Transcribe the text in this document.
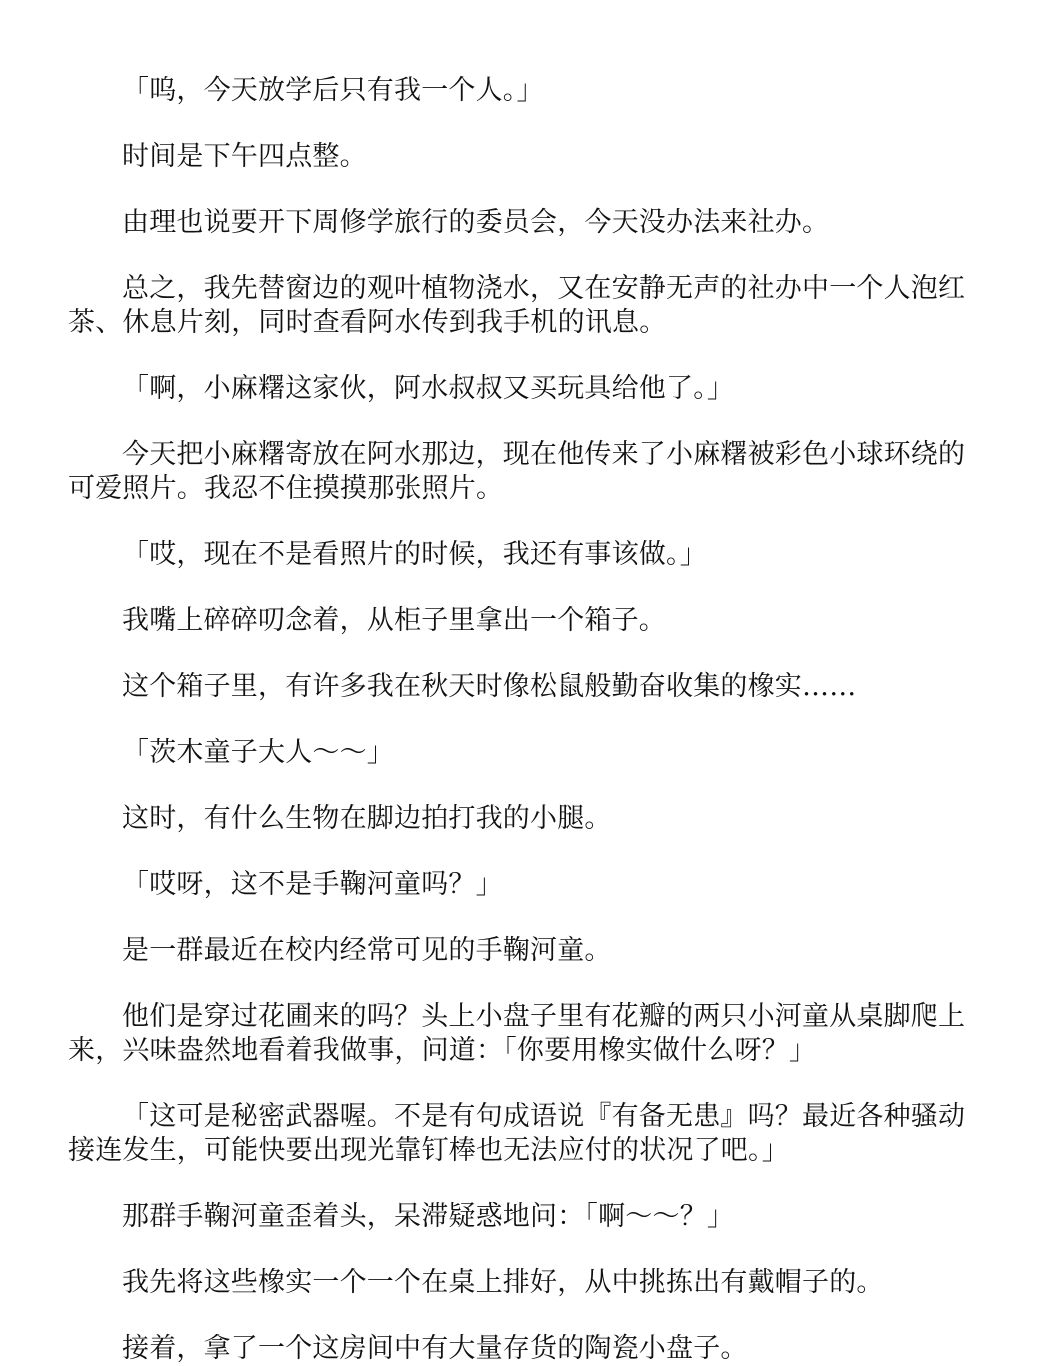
「呜，今天放学后只有我一个人。」

时间是下午四点整。

由理也说要开下周修学旅行的委员会，今天没办法来社办。

总之，我先替窗边的观叶植物浇水，又在安静无声的社办中一个人泡红茶、休息片刻，同时查看阿水传到我手机的讯息。

「啊，小麻糬这家伙，阿水叔叔又买玩具给他了。」

今天把小麻糬寄放在阿水那边，现在他传来了小麻糬被彩色小球环绕的可爱照片。我忍不住摸摸那张照片。

「哎，现在不是看照片的时候，我还有事该做。」

我嘴上碎碎叨念着，从柜子里拿出一个箱子。

这个箱子里，有许多我在秋天时像松鼠般勤奋收集的橡实……

「茨木童子大人～～」

这时，有什么生物在脚边拍打我的小腿。

「哎呀，这不是手鞠河童吗？」

是一群最近在校内经常可见的手鞠河童。

他们是穿过花圃来的吗？头上小盘子里有花瓣的两只小河童从桌脚爬上来，兴味盎然地看着我做事，问道：「你要用橡实做什么呀？」

「这可是秘密武器喔。不是有句成语说『有备无患』吗？最近各种骚动接连发生，可能快要出现光靠钉棒也无法应付的状况了吧。」

那群手鞠河童歪着头，呆滞疑惑地问：「啊～～？」

我先将这些橡实一个一个在桌上排好，从中挑拣出有戴帽子的。

接着，拿了一个这房间中有大量存货的陶瓷小盘子。
